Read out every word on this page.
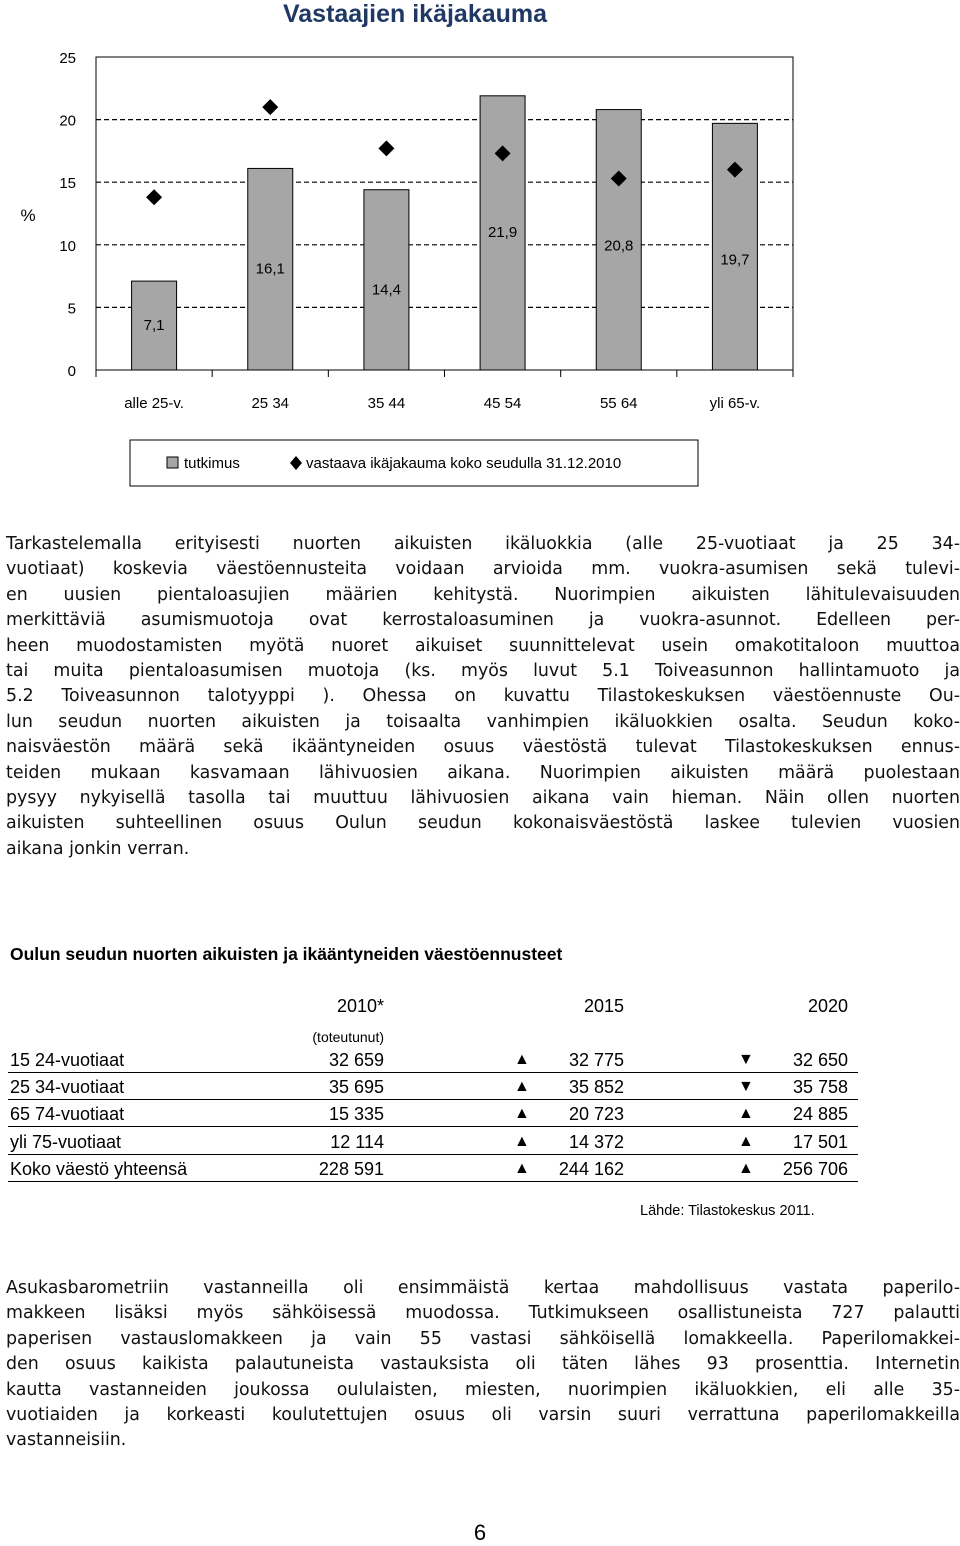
Vastaajien ikäjakauma
0
5
10
15
20
25
%
7,1
alle 25-v.
16,1
25 34
14,4
35 44
21,9
45 54
20,8
55 64
19,7
yli 65-v.
tutkimus	vastaava ikäjakauma koko seudulla 31.12.2010
Tarkastelemalla erityisesti nuorten aikuisten ikäluokkia (alle 25-vuotiaat ja 25 34-
vuotiaat) koskevia väestöennusteita voidaan arvioida mm. vuokra-asumisen sekä tulevi-
en uusien pientaloasujien määrien kehitystä. Nuorimpien aikuisten lähitulevaisuuden
merkittäviä asumismuotoja ovat kerrostaloasuminen ja vuokra-asunnot. Edelleen per-
heen muodostamisten myötä nuoret aikuiset suunnittelevat usein omakotitaloon muuttoa
tai muita pientaloasumisen muotoja (ks. myös luvut 5.1 Toiveasunnon hallintamuoto ja
5.2 Toiveasunnon talotyyppi ). Ohessa on kuvattu Tilastokeskuksen väestöennuste Ou-
lun seudun nuorten aikuisten ja toisaalta vanhimpien ikäluokkien osalta. Seudun koko-
naisväestön määrä sekä ikääntyneiden osuus väestöstä tulevat Tilastokeskuksen ennus-
teiden mukaan kasvamaan lähivuosien aikana. Nuorimpien aikuisten määrä puolestaan
pysyy nykyisellä tasolla tai muuttuu lähivuosien aikana vain hieman. Näin ollen nuorten
aikuisten suhteellinen osuus Oulun seudun kokonaisväestöstä laskee tulevien vuosien
aikana jonkin verran.
Oulun seudun nuorten aikuisten ja ikääntyneiden väestöennusteet
2010*	2015	2020
(toteutunut)
15 24-vuotiaat	32 659	▲	32 775	▼	32 650
25 34-vuotiaat	35 695	▲	35 852	▼	35 758
65 74-vuotiaat	15 335	▲	20 723	▲	24 885
yli 75-vuotiaat	12 114	▲	14 372	▲	17 501
Koko väestö yhteensä	228 591	▲	244 162	▲	256 706
Lähde: Tilastokeskus 2011.
Asukasbarometriin vastanneilla oli ensimmäistä kertaa mahdollisuus vastata paperilo-
makkeen lisäksi myös sähköisessä muodossa. Tutkimukseen osallistuneista 727 palautti
paperisen vastauslomakkeen ja vain 55 vastasi sähköisellä lomakkeella. Paperilomakkei-
den osuus kaikista palautuneista vastauksista oli täten lähes 93 prosenttia. Internetin
kautta vastanneiden joukossa oululaisten, miesten, nuorimpien ikäluokkien, eli alle 35-
vuotiaiden ja korkeasti koulutettujen osuus oli varsin suuri verrattuna paperilomakkeilla
vastanneisiin.
6
